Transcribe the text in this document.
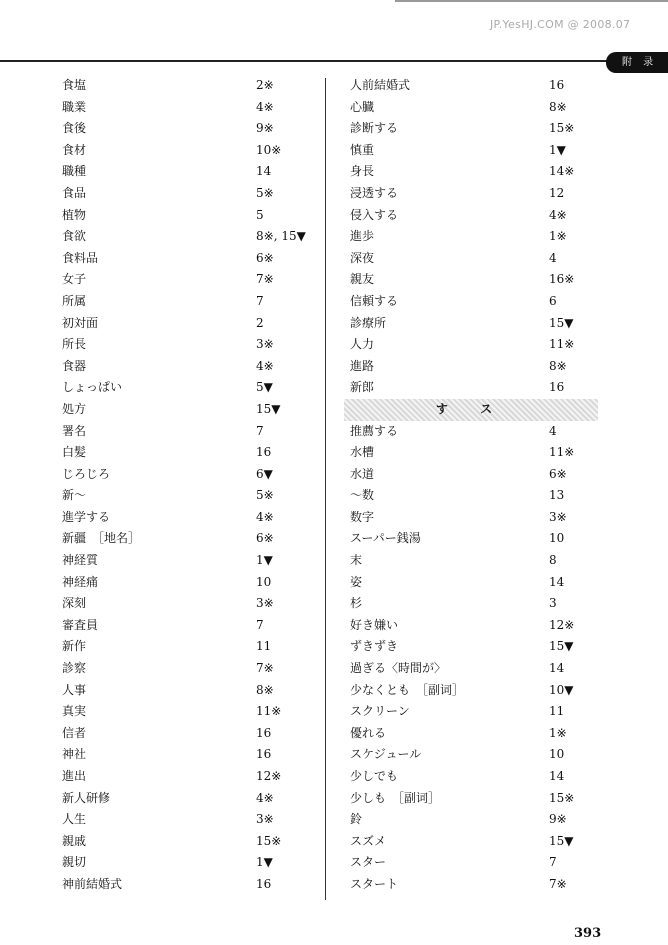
JP.YesHJ.COM @ 2008.07
附 录
食塩	2※
職業	4※
食後	9※
食材	10※
職種	14
食品	5※
植物	5
食欲	8※, 15▼
食料品	6※
女子	7※
所属	7
初対面	2
所長	3※
食器	4※
しょっぱい	5▼
処方	15▼
署名	7
白髪	16
じろじろ	6▼
新～	5※
進学する	4※
新疆　［地名］	6※
神経質	1▼
神経痛	10
深刻	3※
審査員	7
新作	11
診察	7※
人事	8※
真実	11※
信者	16
神社	16
進出	12※
新人研修	4※
人生	3※
親戚	15※
親切	1▼
神前結婚式	16
人前結婚式	16
心臓	8※
診断する	15※
慎重	1▼
身長	14※
浸透する	12
侵入する	4※
進歩	1※
深夜	4
親友	16※
信頼する	6
診療所	15▼
人力	11※
進路	8※
新郎	16
す ス
推薦する	4
水槽	11※
水道	6※
～数	13
数字	3※
スーパー銭湯	10
末	8
姿	14
杉	3
好き嫌い	12※
ずきずき	15▼
過ぎる〈時間が〉	14
少なくとも　［副词］	10▼
スクリーン	11
優れる	1※
スケジュール	10
少しでも	14
少しも　［副词］	15※
鈴	9※
スズメ	15▼
スター	7
スタート	7※
393
